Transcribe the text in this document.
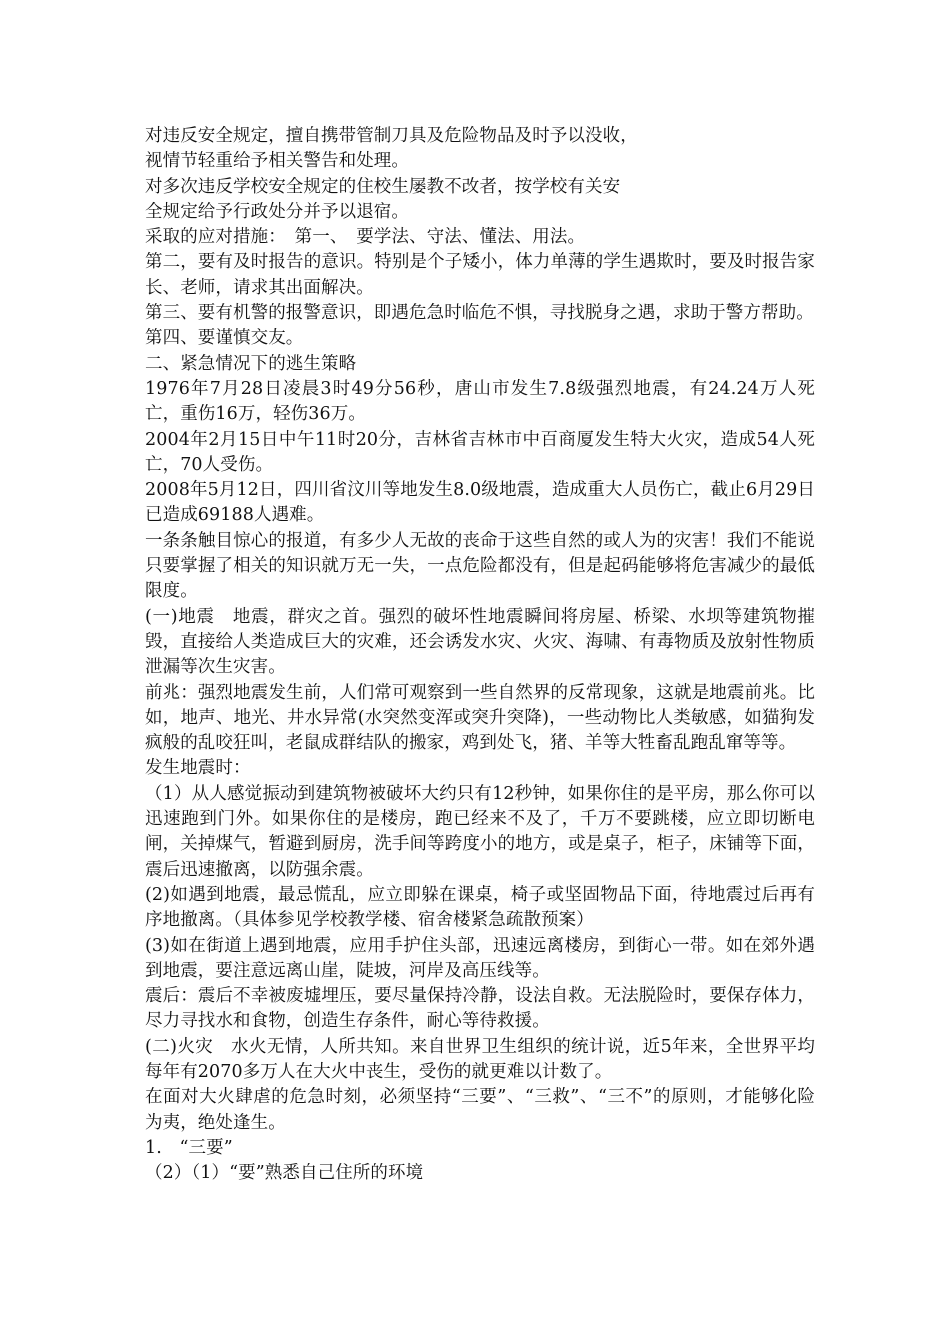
对违反安全规定，擅自携带管制刀具及危险物品及时予以没收，

视情节轻重给予相关警告和处理。

对多次违反学校安全规定的住校生屡教不改者，按学校有关安

全规定给予行政处分并予以退宿。

采取的应对措施：　第一、　要学法、守法、懂法、用法。

第二，要有及时报告的意识。特别是个子矮小，体力单薄的学生遇欺时，要及时报告家长、老师，请求其出面解决。

第三、要有机警的报警意识，即遇危急时临危不惧，寻找脱身之遇，求助于警方帮助。

第四、要谨慎交友。

二、紧急情况下的逃生策略

1976年7月28日凌晨3时49分56秒，唐山市发生7.8级强烈地震，有24.24万人死亡，重伤16万，轻伤36万。

2004年2月15日中午11时20分，吉林省吉林市中百商厦发生特大火灾，造成54人死亡，70人受伤。

2008年5月12日，四川省汶川等地发生8.0级地震，造成重大人员伤亡，截止6月29日已造成69188人遇难。

一条条触目惊心的报道，有多少人无故的丧命于这些自然的或人为的灾害！我们不能说只要掌握了相关的知识就万无一失，一点危险都没有，但是起码能够将危害减少的最低限度。

(一)地震　地震，群灾之首。强烈的破坏性地震瞬间将房屋、桥梁、水坝等建筑物摧毁，直接给人类造成巨大的灾难，还会诱发水灾、火灾、海啸、有毒物质及放射性物质泄漏等次生灾害。

前兆：强烈地震发生前，人们常可观察到一些自然界的反常现象，这就是地震前兆。比如，地声、地光、井水异常(水突然变浑或突升突降)，一些动物比人类敏感，如猫狗发疯般的乱咬狂叫，老鼠成群结队的搬家，鸡到处飞，猪、羊等大牲畜乱跑乱窜等等。

发生地震时：

（1）从人感觉振动到建筑物被破坏大约只有12秒钟，如果你住的是平房，那么你可以迅速跑到门外。如果你住的是楼房，跑已经来不及了，千万不要跳楼，应立即切断电闸，关掉煤气，暂避到厨房，洗手间等跨度小的地方，或是桌子，柜子，床铺等下面，震后迅速撤离，以防强余震。

(2)如遇到地震，最忌慌乱，应立即躲在课桌，椅子或坚固物品下面，待地震过后再有序地撤离。（具体参见学校教学楼、宿舍楼紧急疏散预案）

(3)如在街道上遇到地震，应用手护住头部，迅速远离楼房，到街心一带。如在郊外遇到地震，要注意远离山崖，陡坡，河岸及高压线等。

震后：震后不幸被废墟埋压，要尽量保持冷静，设法自救。无法脱险时，要保存体力，尽力寻找水和食物，创造生存条件，耐心等待救援。

(二)火灾　水火无情，人所共知。来自世界卫生组织的统计说，近5年来，全世界平均每年有2070多万人在大火中丧生，受伤的就更难以计数了。

在面对大火肆虐的危急时刻，必须坚持“三要”、“三救”、“三不”的原则，才能够化险为夷，绝处逢生。

1.　“三要”

（2）（1）“要”熟悉自己住所的环境
